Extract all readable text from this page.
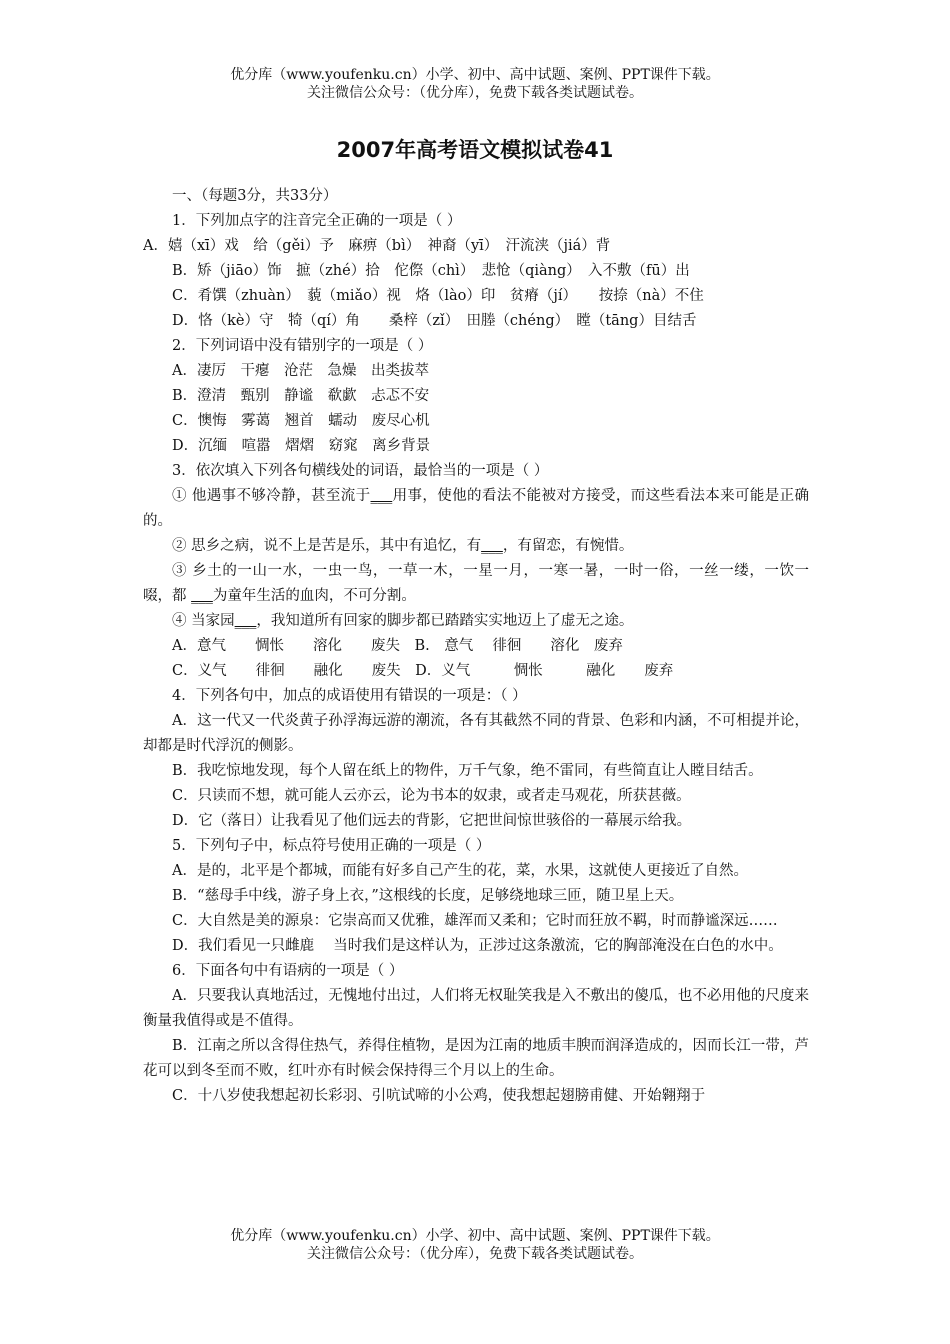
优分库（www.youfenku.cn）小学、初中、高中试题、案例、PPT课件下载。
关注微信公众号：（优分库），免费下载各类试题试卷。
2007年高考语文模拟试卷41

一、（每题3分，共33分）

1．下列加点字的注音完全正确的一项是（ ）

A．嬉（xī）戏　给（gěi）予　麻痹（bì）　神裔（yī）　汗流浃（jiá）背

B．矫（jiāo）饰　摭（zhé）拾　佗傺（chì）　悲怆（qiàng）　入不敷（fū）出

C．肴馔（zhuàn）　藐（miǎo）视　烙（lào）印　贫瘠（jí）　　按捺（nà）不住

D．恪（kè）守　犄（qí）角　　桑梓（zǐ）　田塍（chéng）　瞠（tāng）目结舌

2．下列词语中没有错别字的一项是（ ）

A．凄厉　干瘪　沧茫　急燥　出类拔萃

B．澄清　甄别　静谧　欷歔　忐忑不安

C．懊悔　雾蔼　翘首　蠕动　废尽心机

D．沉缅　喧嚣　熠熠　窈窕　离乡背景

3．依次填入下列各句横线处的词语，最恰当的一项是（ ）

① 他遇事不够冷静，甚至流于___用事，使他的看法不能被对方接受，而这些看法本来可能是正确的。

② 思乡之病，说不上是苦是乐，其中有追忆，有___，有留恋，有惋惜。

③ 乡土的一山一水，一虫一鸟，一草一木，一星一月，一寒一暑，一时一俗，一丝一缕，一饮一啜，都 ___为童年生活的血肉，不可分割。

④ 当家园___，我知道所有回家的脚步都已踏踏实实地迈上了虚无之途。

A．意气　　惆怅　　溶化　　废失　B.　意气　 徘徊　　溶化　废弃

C．义气　　徘徊　　融化　　废失　D．义气　　　惆怅　　　融化　　废弃

4．下列各句中，加点的成语使用有错误的一项是：（ ）

A．这一代又一代炎黄子孙浮海远游的潮流，各有其截然不同的背景、色彩和内涵，不可相提并论，却都是时代浮沉的侧影。

B．我吃惊地发现，每个人留在纸上的物件，万千气象，绝不雷同，有些简直让人瞠目结舌。

C．只读而不想，就可能人云亦云，论为书本的奴隶，或者走马观花，所获甚薇。

D．它（落日）让我看见了他们远去的背影，它把世间惊世骇俗的一幕展示给我。

5．下列句子中，标点符号使用正确的一项是（ ）

A．是的，北平是个都城，而能有好多自己产生的花，菜，水果，这就使人更接近了自然。

B．“慈母手中线，游子身上衣，”这根线的长度，足够绕地球三匝，随卫星上天。

C．大自然是美的源泉：它崇高而又优雅，雄浑而又柔和；它时而狂放不羁，时而静谧深远……

D．我们看见一只雌鹿　 当时我们是这样认为，正涉过这条激流，它的胸部淹没在白色的水中。

6．下面各句中有语病的一项是（ ）

A．只要我认真地活过，无愧地付出过，人们将无权耻笑我是入不敷出的傻瓜，也不必用他的尺度来衡量我值得或是不值得。

B．江南之所以含得住热气，养得住植物，是因为江南的地质丰腴而润泽造成的，因而长江一带，芦花可以到冬至而不败，红叶亦有时候会保持得三个月以上的生命。

C．十八岁使我想起初长彩羽、引吭试啼的小公鸡，使我想起翅膀甫健、开始翱翔于

优分库（www.youfenku.cn）小学、初中、高中试题、案例、PPT课件下载。
关注微信公众号：（优分库），免费下载各类试题试卷。
